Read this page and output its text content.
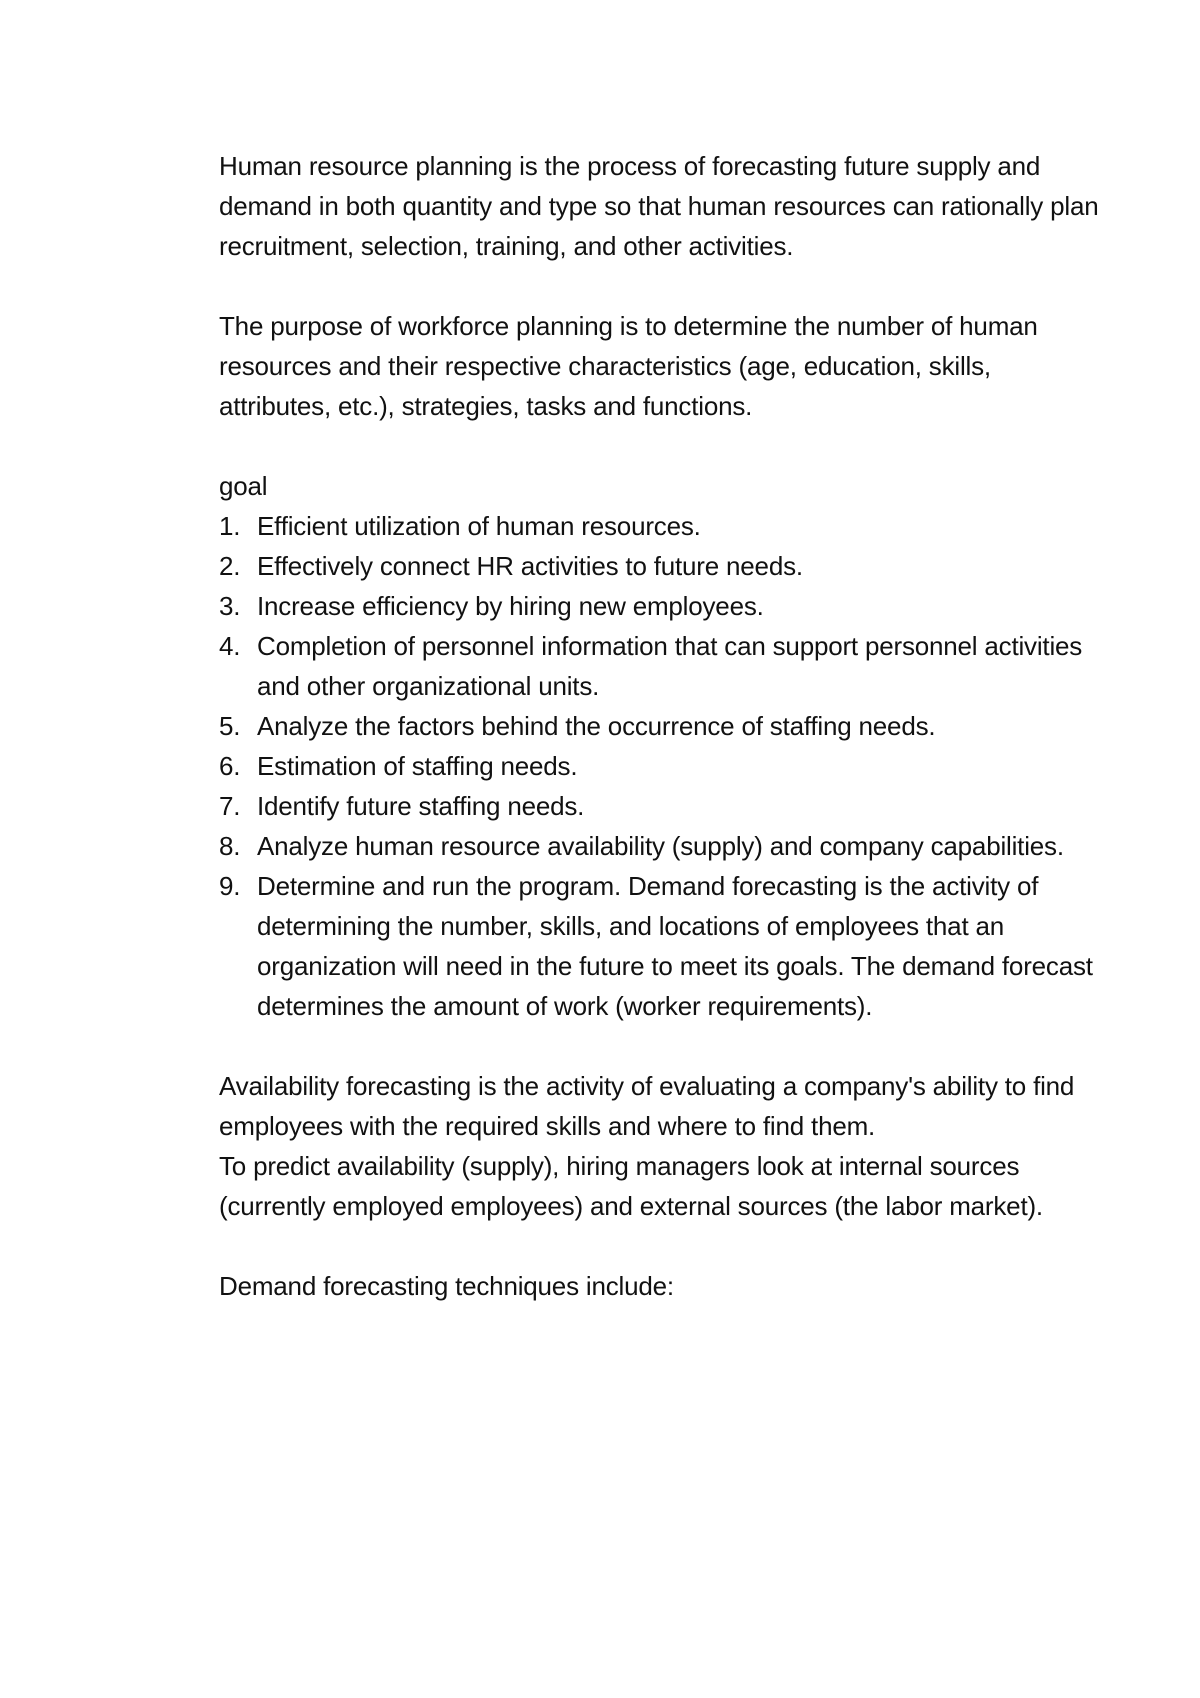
Human resource planning is the process of forecasting future supply and demand in both quantity and type so that human resources can rationally plan recruitment, selection, training, and other activities.

The purpose of workforce planning is to determine the number of human resources and their respective characteristics (age, education, skills, attributes, etc.), strategies, tasks and functions.

goal

1. Efficient utilization of human resources.
2. Effectively connect HR activities to future needs.
3. Increase efficiency by hiring new employees.
4. Completion of personnel information that can support personnel activities and other organizational units.
5. Analyze the factors behind the occurrence of staffing needs.
6. Estimation of staffing needs.
7. Identify future staffing needs.
8. Analyze human resource availability (supply) and company capabilities.
9. Determine and run the program. Demand forecasting is the activity of determining the number, skills, and locations of employees that an organization will need in the future to meet its goals. The demand forecast determines the amount of work (worker requirements).

Availability forecasting is the activity of evaluating a company's ability to find employees with the required skills and where to find them.

To predict availability (supply), hiring managers look at internal sources (currently employed employees) and external sources (the labor market).

Demand forecasting techniques include:
